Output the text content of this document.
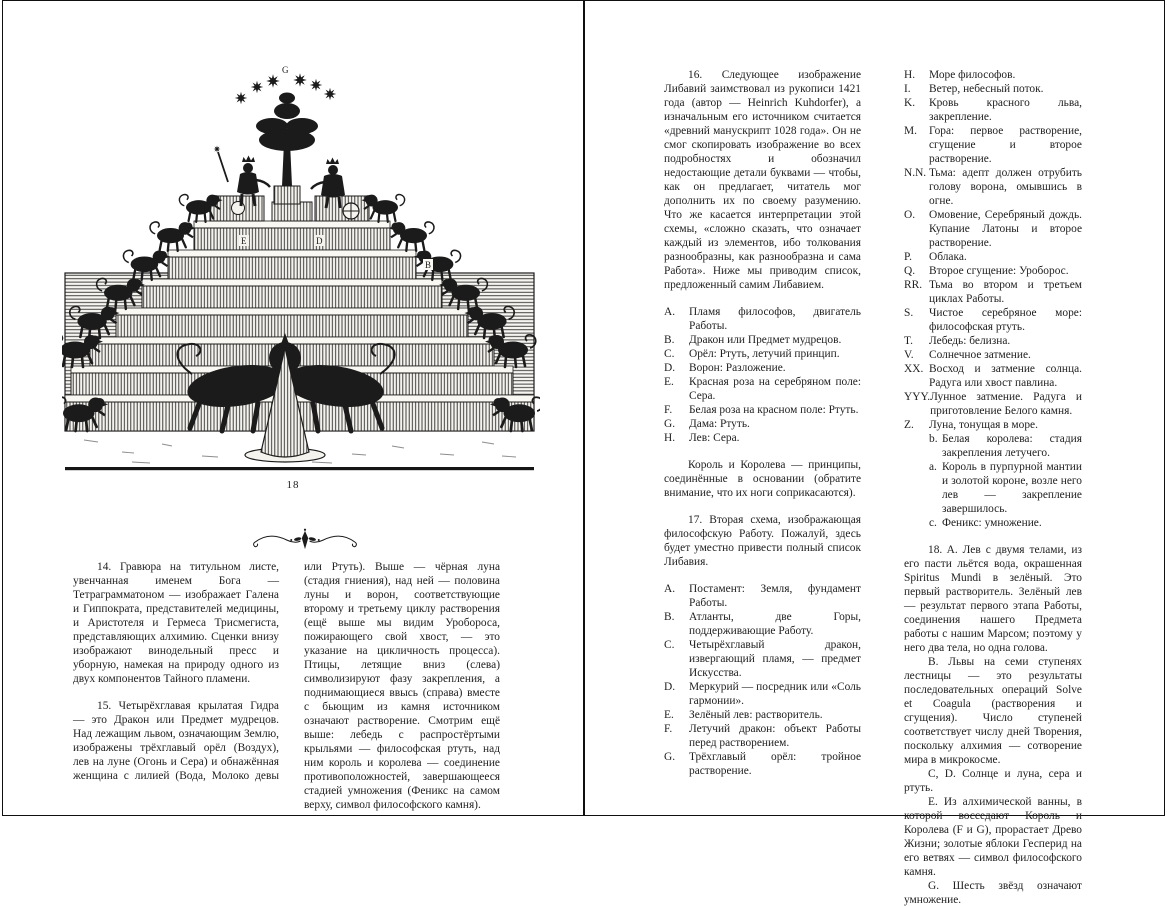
G
B
E	D
18

14. Гравюра на титульном листе, увенчанная именем Бога — Тетраграмматоном — изображает Галена и Гиппократа, представителей медицины, и Аристотеля и Гермеса Трисмегиста, представляющих алхимию. Сценки внизу изображают винодельный пресс и уборную, намекая на природу одного из двух компонентов Тайного пламени.

15. Четырёхглавая крылатая Гидра — это Дракон или Предмет мудрецов. Над лежащим львом, означающим Землю, изображены трёхглавый орёл (Воздух), лев на луне (Огонь и Сера) и обнажённая женщина с лилией (Вода, Молоко девы

или Ртуть). Выше — чёрная луна (стадия гниения), над ней — половина луны и ворон, соответствующие второму и третьему циклу растворения (ещё выше мы видим Уробороса, пожирающего свой хвост, — это указание на цикличность процесса). Птицы, летящие вниз (слева) символизируют фазу закрепления, а поднимающиеся ввысь (справа) вместе с бьющим из камня источником означают растворение. Смотрим ещё выше: лебедь с распростёртыми крыльями — философская ртуть, над ним король и королева — соединение противоположностей, завершающееся стадией умножения (Феникс на самом верху, символ философского камня).

16. Следующее изображение Либавий заимствовал из рукописи 1421 года (автор — Heinrich Kuhdorfer), а изначальным его источником считается «древний манускрипт 1028 года». Он не смог скопировать изображение во всех подробностях и обозначил недостающие детали буквами — чтобы, как он предлагает, читатель мог дополнить их по своему разумению. Что же касается интерпретации этой схемы, «сложно сказать, что означает каждый из элементов, ибо толкования разнообразны, как разнообразна и сама Работа». Ниже мы приводим список, предложенный самим Либавием.

A.	Пламя философов, двигатель Работы.
B.	Дракон или Предмет мудрецов.
C.	Орёл: Ртуть, летучий принцип.
D.	Ворон: Разложение.
E.	Красная роза на серебряном поле: Сера.
F.	Белая роза на красном поле: Ртуть.
G.	Дама: Ртуть.
H.	Лев: Сера.

Король и Королева — принципы, соединённые в основании (обратите внимание, что их ноги соприкасаются).

17. Вторая схема, изображающая философскую Работу. Пожалуй, здесь будет уместно привести полный список Либавия.

A.	Постамент: Земля, фундамент Работы.
B.	Атланты, две Горы, поддерживающие Работу.
C.	Четырёхглавый дракон, извергающий пламя, — предмет Искусства.
D.	Меркурий — посредник или «Соль гармонии».
E.	Зелёный лев: растворитель.
F.	Летучий дракон: объект Работы перед растворением.
G.	Трёхглавый орёл: тройное растворение.
H.	Море философов.
I.	Ветер, небесный поток.
K.	Кровь красного льва, закрепление.
M.	Гора: первое растворение, сгущение и второе растворение.
N.N. Тьма: адепт должен отрубить голову ворона, омывшись в огне.
O.	Омовение, Серебряный дождь. Купание Латоны и второе растворение.
P.	Облака.
Q.	Второе сгущение: Уроборос.
RR. Тьма во втором и третьем циклах Работы.
S.	Чистое серебряное море: философская ртуть.
T.	Лебедь: белизна.
V.	Солнечное затмение.
XX. Восход и затмение солнца. Радуга или хвост павлина.
YYY. Лунное затмение. Радуга и приготовление Белого камня.
Z.	Луна, тонущая в море.
b. Белая королева: стадия закрепления летучего.
a. Король в пурпурной мантии и золотой короне, возле него лев — закрепление завершилось.
c. Феникс: умножение.

18. A. Лев с двумя телами, из его пасти льётся вода, окрашенная Spiritus Mundi в зелёный. Это первый растворитель. Зелёный лев — результат первого этапа Работы, соединения нашего Предмета работы с нашим Марсом; поэтому у него два тела, но одна голова.

B. Львы на семи ступенях лестницы — это результаты последовательных операций Solve et Coagula (растворения и сгущения). Число ступеней соответствует числу дней Творения, поскольку алхимия — сотворение мира в микрокосме.

C, D. Солнце и луна, сера и ртуть.

E. Из алхимической ванны, в которой восседают Король и Королева (F и G), прорастает Древо Жизни; золотые яблоки Гесперид на его ветвях — символ философского камня.

G. Шесть звёзд означают умножение.
